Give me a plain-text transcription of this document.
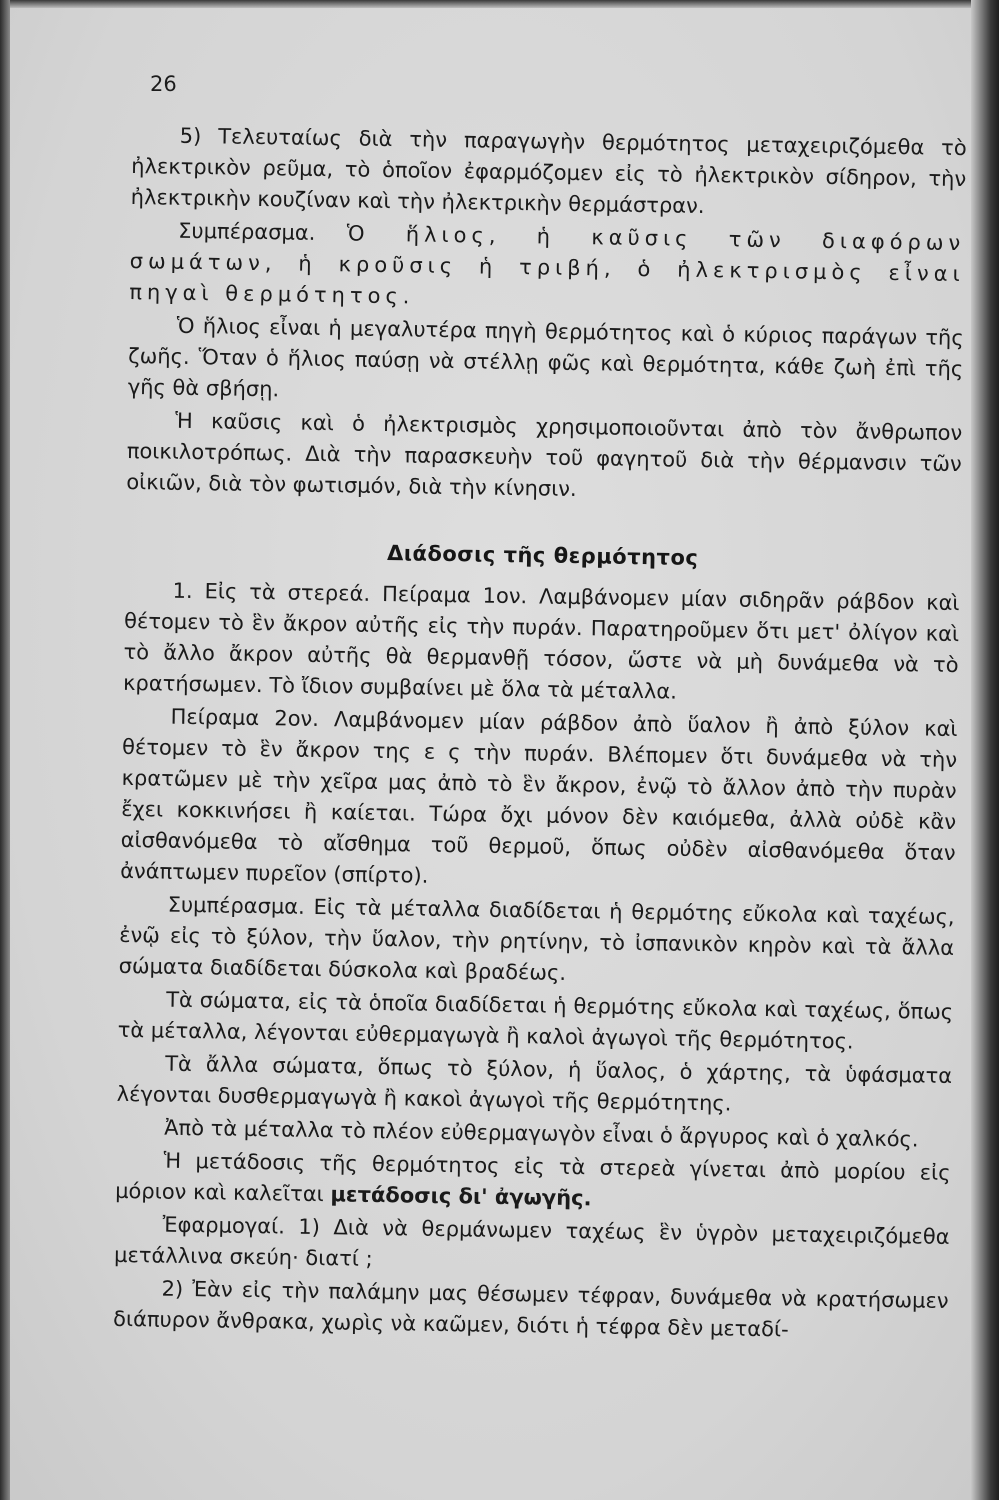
26

5) Τελευταίως διὰ τὴν παραγωγὴν θερμότητος μεταχειριζόμεθα τὸ ἠλεκτρικὸν ρεῦμα, τὸ ὁποῖον ἐφαρμόζομεν εἰς τὸ ἠλεκτρικὸν σίδηρον, τὴν ἠλεκτρικὴν κουζίναν καὶ τὴν ἠλεκτρικὴν θερμάστραν.

Συμπέρασμα. Ὁ ἥλιος, ἡ καῦσις τῶν διαφόρων σωμάτων, ἡ κροῦσις ἡ τριβή, ὁ ἠλεκτρισμὸς εἶναι πηγαὶ θερμότητος.

Ὁ ἥλιος εἶναι ἡ μεγαλυτέρα πηγὴ θερμότητος καὶ ὁ κύριος παράγων τῆς ζωῆς. Ὅταν ὁ ἥλιος παύσῃ νὰ στέλλῃ φῶς καὶ θερμότητα, κάθε ζωὴ ἐπὶ τῆς γῆς θὰ σβήσῃ.

Ἡ καῦσις καὶ ὁ ἠλεκτρισμὸς χρησιμοποιοῦνται ἀπὸ τὸν ἄνθρωπον ποικιλοτρόπως. Διὰ τὴν παρασκευὴν τοῦ φαγητοῦ διὰ τὴν θέρμανσιν τῶν οἰκιῶν, διὰ τὸν φωτισμόν, διὰ τὴν κίνησιν.

Διάδοσις τῆς θερμότητος

1. Εἰς τὰ στερεά. Πείραμα 1ον. Λαμβάνομεν μίαν σιδηρᾶν ράβδον καὶ θέτομεν τὸ ἓν ἄκρον αὐτῆς εἰς τὴν πυράν. Παρατηροῦμεν ὅτι μετ' ὀλίγον καὶ τὸ ἄλλο ἄκρον αὐτῆς θὰ θερμανθῇ τόσον, ὥστε νὰ μὴ δυνάμεθα νὰ τὸ κρατήσωμεν. Τὸ ἴδιον συμβαίνει μὲ ὅλα τὰ μέταλλα.

Πείραμα 2ον. Λαμβάνομεν μίαν ράβδον ἀπὸ ὕαλον ἢ ἀπὸ ξύλον καὶ θέτομεν τὸ ἓν ἄκρον της ε ς τὴν πυράν. Βλέπομεν ὅτι δυνάμεθα νὰ τὴν κρατῶμεν μὲ τὴν χεῖρα μας ἀπὸ τὸ ἓν ἄκρον, ἐνῷ τὸ ἄλλον ἀπὸ τὴν πυρὰν ἔχει κοκκινήσει ἢ καίεται. Τώρα ὄχι μόνον δὲν καιόμεθα, ἀλλὰ οὐδὲ κἂν αἰσθανόμεθα τὸ αἴσθημα τοῦ θερμοῦ, ὅπως οὐδὲν αἰσθανόμεθα ὅταν ἀνάπτωμεν πυρεῖον (σπίρτο).

Συμπέρασμα. Εἰς τὰ μέταλλα διαδίδεται ἡ θερμότης εὔκολα καὶ ταχέως, ἐνῷ εἰς τὸ ξύλον, τὴν ὕαλον, τὴν ρητίνην, τὸ ἰσπανικὸν κηρὸν καὶ τὰ ἄλλα σώματα διαδίδεται δύσκολα καὶ βραδέως.

Τὰ σώματα, εἰς τὰ ὁποῖα διαδίδεται ἡ θερμότης εὔκολα καὶ ταχέως, ὅπως τὰ μέταλλα, λέγονται εὐθερμαγωγὰ ἢ καλοὶ ἀγωγοὶ τῆς θερμότητος.

Τὰ ἄλλα σώματα, ὅπως τὸ ξύλον, ἡ ὕαλος, ὁ χάρτης, τὰ ὑφάσματα λέγονται δυσθερμαγωγὰ ἢ κακοὶ ἀγωγοὶ τῆς θερμότητης.

Ἀπὸ τὰ μέταλλα τὸ πλέον εὐθερμαγωγὸν εἶναι ὁ ἄργυρος καὶ ὁ χαλκός.

Ἡ μετάδοσις τῆς θερμότητος εἰς τὰ στερεὰ γίνεται ἀπὸ μορίου εἰς μόριον καὶ καλεῖται μετάδοσις δι' ἀγωγῆς.

Ἐφαρμογαί. 1) Διὰ νὰ θερμάνωμεν ταχέως ἓν ὑγρὸν μεταχειριζόμεθα μετάλλινα σκεύη· διατί ;

2) Ἐὰν εἰς τὴν παλάμην μας θέσωμεν τέφραν, δυνάμεθα νὰ κρατήσωμεν διάπυρον ἄνθρακα, χωρὶς νὰ καῶμεν, διότι ἡ τέφρα δὲν μεταδί-
